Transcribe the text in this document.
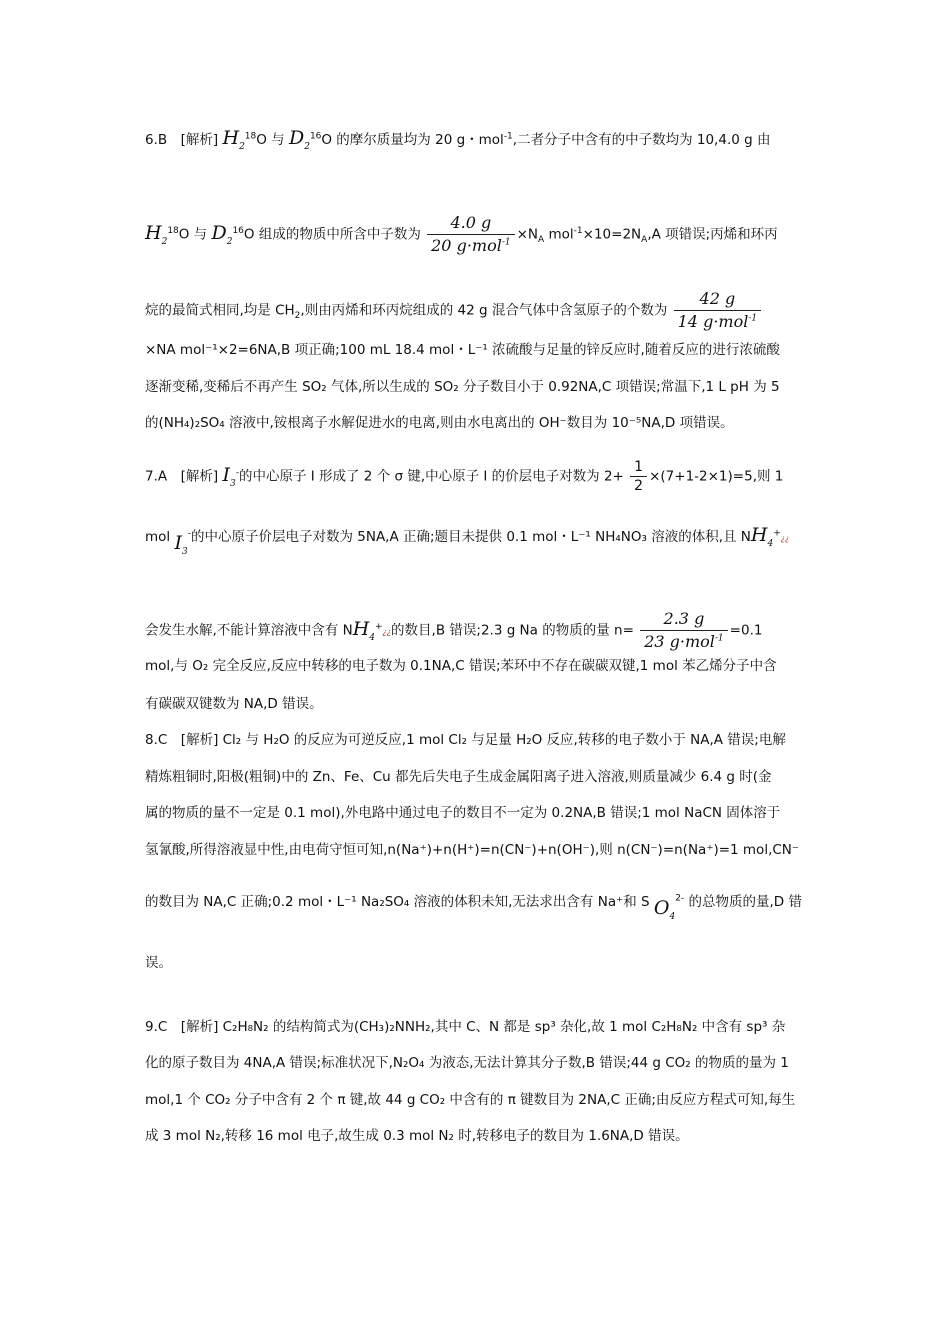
6.B　[解析] $H_2^{18}O$ 与 $D_2^{16}O$ 的摩尔质量均为 20 g・mol$^{-1}$,二者分子中含有的中子数均为 10,4.0 g 由
$H_2^{18}O$ 与 $D_2^{16}O$ 组成的物质中所含中子数为 $\frac{4.0 g}{20 g\cdot mol^{-1}} \times N_A$ $mol^{-1}\times 10=2N_A,A$ 项错误;丙烯和环丙
烷的最简式相同,均是 $CH_2$,则由丙烯和环丙烷组成的 42 g 混合气体中含氢原子的个数为 $\frac{42 g}{14 g\cdot mol^{-1}}$
×NA mol⁻¹×2=6NA,B 项正确;100 mL 18.4 mol・L⁻¹ 浓硫酸与足量的锌反应时,随着反应的进行浓硫酸
逐渐变稀,变稀后不再产生 SO₂ 气体,所以生成的 SO₂ 分子数目小于 0.92NA,C 项错误;常温下,1 L pH 为 5
的(NH₄)₂SO₄ 溶液中,铵根离子水解促进水的电离,则由水电离出的 OH⁻数目为 10⁻⁵NA,D 项错误。
7.A　[解析] $I_3^-$的中心原子 I 形成了 2 个 σ 键,中心原子 I 的价层电子对数为 $2+ \frac{1}{2} \times(7+1-2\times 1)=5$,则 1
mol $I_3^-$的中心原子价层电子对数为 5NA,A 正确;题目未提供 0.1 mol・L⁻¹ NH₄NO₃ 溶液的体积,且 $NH_4^+¿¿$
会发生水解,不能计算溶液中含有 $NH_4^+¿¿$的数目,B 错误;2.3 g Na 的物质的量 $n= \frac{2.3 g}{23 g\cdot mol^{-1}} =0.1$
mol,与 O₂ 完全反应,反应中转移的电子数为 0.1NA,C 错误;苯环中不存在碳碳双键,1 mol 苯乙烯分子中含
有碳碳双键数为 NA,D 错误。
8.C　[解析] Cl₂ 与 H₂O 的反应为可逆反应,1 mol Cl₂ 与足量 H₂O 反应,转移的电子数小于 NA,A 错误;电解
精炼粗铜时,阳极(粗铜)中的 Zn、Fe、Cu 都先后失电子生成金属阳离子进入溶液,则质量减少 6.4 g 时(金
属的物质的量不一定是 0.1 mol),外电路中通过电子的数目不一定为 0.2NA,B 错误;1 mol NaCN 固体溶于
氢氰酸,所得溶液显中性,由电荷守恒可知,n(Na⁺)+n(H⁺)=n(CN⁻)+n(OH⁻),则 n(CN⁻)=n(Na⁺)=1 mol,CN⁻
的数目为 NA,C 正确;0.2 mol・L⁻¹ Na₂SO₄ 溶液的体积未知,无法求出含有 Na⁺和 S $O_4^{2-}$ 的总物质的量,D 错
误。
9.C　[解析] C₂H₈N₂ 的结构简式为(CH₃)₂NNH₂,其中 C、N 都是 sp³ 杂化,故 1 mol C₂H₈N₂ 中含有 sp³ 杂
化的原子数目为 4NA,A 错误;标准状况下,N₂O₄ 为液态,无法计算其分子数,B 错误;44 g CO₂ 的物质的量为 1
mol,1 个 CO₂ 分子中含有 2 个 π 键,故 44 g CO₂ 中含有的 π 键数目为 2NA,C 正确;由反应方程式可知,每生
成 3 mol N₂,转移 16 mol 电子,故生成 0.3 mol N₂ 时,转移电子的数目为 1.6NA,D 错误。
